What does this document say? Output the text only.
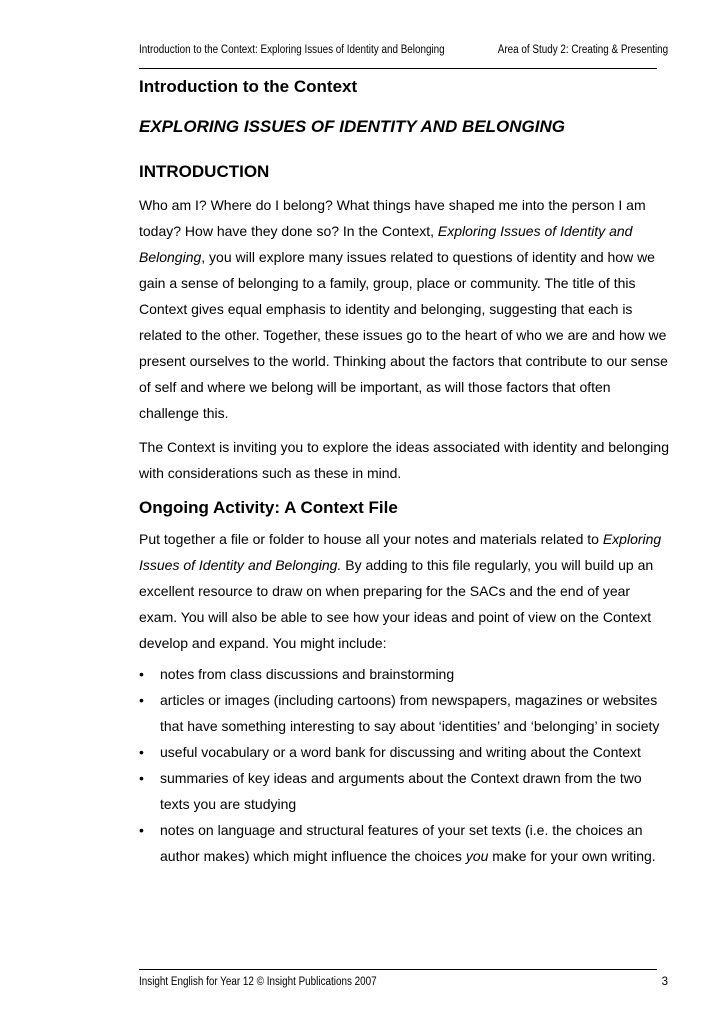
Introduction to the Context: Exploring Issues of Identity and Belonging	Area of Study 2: Creating & Presenting
Introduction to the Context
EXPLORING ISSUES OF IDENTITY AND BELONGING
INTRODUCTION

Who am I? Where do I belong? What things have shaped me into the person I am today? How have they done so? In the Context, Exploring Issues of Identity and Belonging, you will explore many issues related to questions of identity and how we gain a sense of belonging to a family, group, place or community. The title of this Context gives equal emphasis to identity and belonging, suggesting that each is related to the other. Together, these issues go to the heart of who we are and how we present ourselves to the world. Thinking about the factors that contribute to our sense of self and where we belong will be important, as will those factors that often challenge this.

The Context is inviting you to explore the ideas associated with identity and belonging with considerations such as these in mind.

Ongoing Activity: A Context File

Put together a file or folder to house all your notes and materials related to Exploring Issues of Identity and Belonging. By adding to this file regularly, you will build up an excellent resource to draw on when preparing for the SACs and the end of year exam. You will also be able to see how your ideas and point of view on the Context develop and expand. You might include:

• notes from class discussions and brainstorming
• articles or images (including cartoons) from newspapers, magazines or websites that have something interesting to say about ‘identities’ and ‘belonging’ in society
• useful vocabulary or a word bank for discussing and writing about the Context
• summaries of key ideas and arguments about the Context drawn from the two texts you are studying
• notes on language and structural features of your set texts (i.e. the choices an author makes) which might influence the choices you make for your own writing.
Insight English for Year 12 © Insight Publications 2007	3
